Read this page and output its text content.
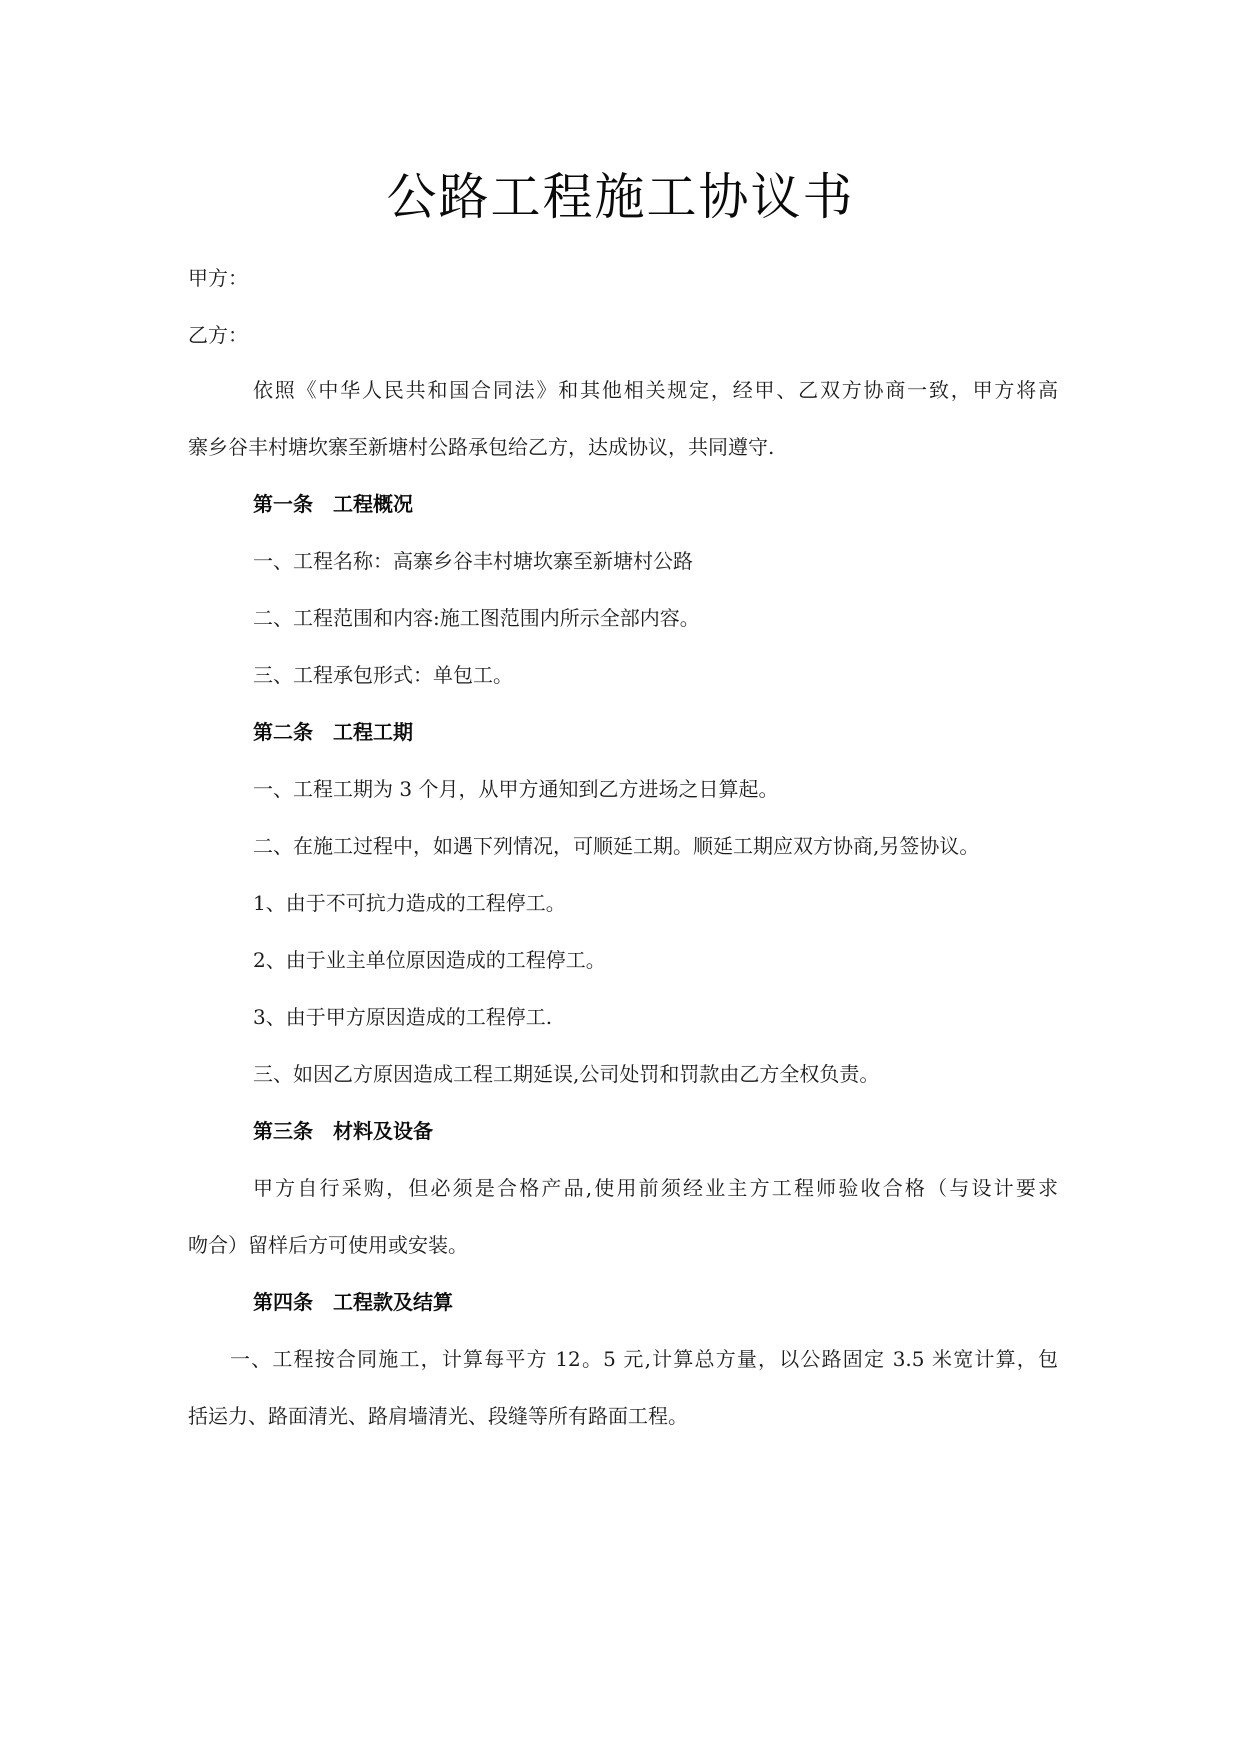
公路工程施工协议书
甲方：
乙方：
依照《中华人民共和国合同法》和其他相关规定，经甲、乙双方协商一致，甲方将高
寨乡谷丰村塘坎寨至新塘村公路承包给乙方，达成协议，共同遵守.
第一条　工程概况
一、工程名称：高寨乡谷丰村塘坎寨至新塘村公路
二、工程范围和内容:施工图范围内所示全部内容。
三、工程承包形式：单包工。
第二条　工程工期
一、工程工期为 3 个月，从甲方通知到乙方进场之日算起。
二、在施工过程中，如遇下列情况，可顺延工期。顺延工期应双方协商,另签协议。
1、由于不可抗力造成的工程停工。
2、由于业主单位原因造成的工程停工。
3、由于甲方原因造成的工程停工.
三、如因乙方原因造成工程工期延误,公司处罚和罚款由乙方全权负责。
第三条　材料及设备
甲方自行采购，但必须是合格产品,使用前须经业主方工程师验收合格（与设计要求
吻合）留样后方可使用或安装。
第四条　工程款及结算
一、工程按合同施工，计算每平方 12。5 元,计算总方量，以公路固定 3.5 米宽计算，包
括运力、路面清光、路肩墙清光、段缝等所有路面工程。
